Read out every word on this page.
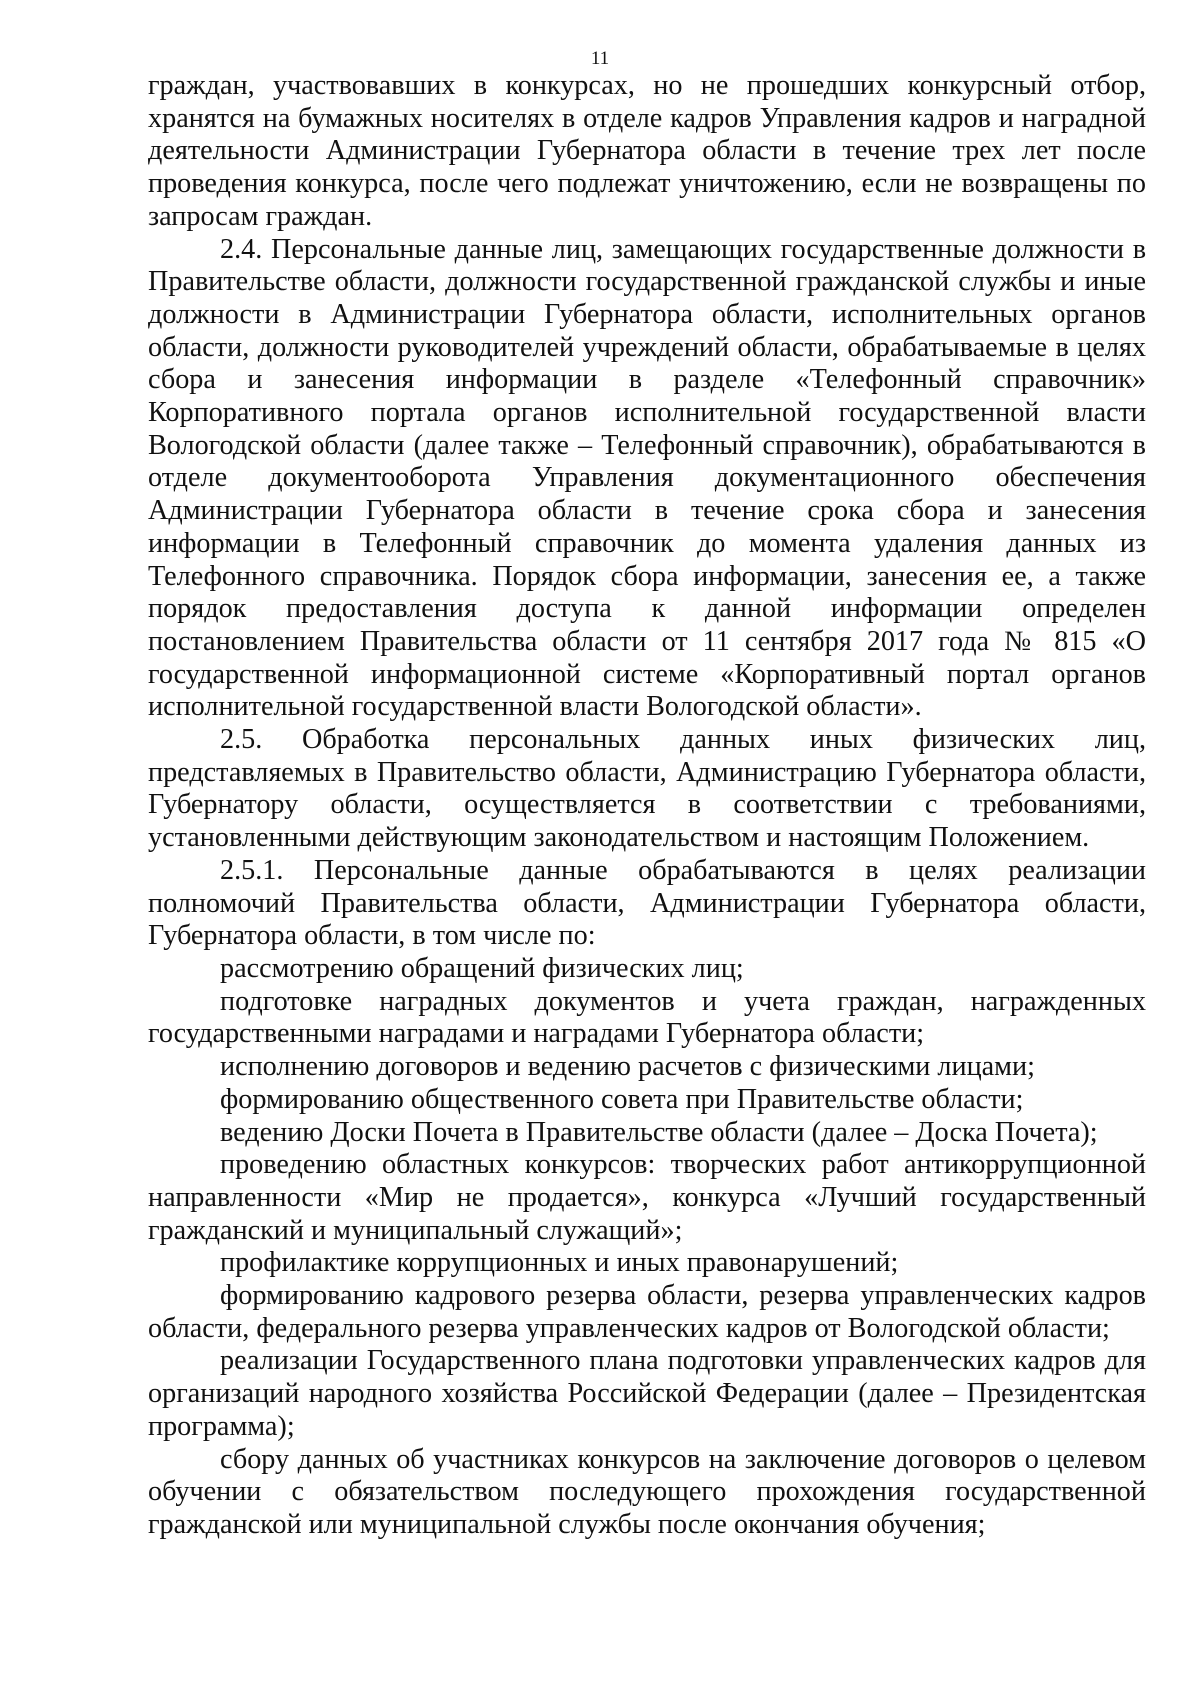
11

граждан, участвовавших в конкурсах, но не прошедших конкурсный отбор, хранятся на бумажных носителях в отделе кадров Управления кадров и наградной деятельности Администрации Губернатора области в течение трех лет после проведения конкурса, после чего подлежат уничтожению, если не возвращены по запросам граждан.

2.4. Персональные данные лиц, замещающих государственные должности в Правительстве области, должности государственной гражданской службы и иные должности в Администрации Губернатора области, исполнительных органов области, должности руководителей учреждений области, обрабатываемые в целях сбора и занесения информации в разделе «Телефонный справочник» Корпоративного портала органов исполнительной государственной власти Вологодской области (далее также – Телефонный справочник), обрабатываются в отделе документооборота Управления документационного обеспечения Администрации Губернатора области в течение срока сбора и занесения информации в Телефонный справочник до момента удаления данных из Телефонного справочника. Порядок сбора информации, занесения ее, а также порядок предоставления доступа к данной информации определен постановлением Правительства области от 11 сентября 2017 года № 815 «О государственной информационной системе «Корпоративный портал органов исполнительной государственной власти Вологодской области».

2.5. Обработка персональных данных иных физических лиц, представляемых в Правительство области, Администрацию Губернатора области, Губернатору области, осуществляется в соответствии с требованиями, установленными действующим законодательством и настоящим Положением.

2.5.1. Персональные данные обрабатываются в целях реализации полномочий Правительства области, Администрации Губернатора области, Губернатора области, в том числе по:

рассмотрению обращений физических лиц;

подготовке наградных документов и учета граждан, награжденных государственными наградами и наградами Губернатора области;

исполнению договоров и ведению расчетов с физическими лицами;

формированию общественного совета при Правительстве области;

ведению Доски Почета в Правительстве области (далее – Доска Почета);

проведению областных конкурсов: творческих работ антикоррупционной направленности «Мир не продается», конкурса «Лучший государственный гражданский и муниципальный служащий»;

профилактике коррупционных и иных правонарушений;

формированию кадрового резерва области, резерва управленческих кадров области, федерального резерва управленческих кадров от Вологодской области;

реализации Государственного плана подготовки управленческих кадров для организаций народного хозяйства Российской Федерации (далее – Президентская программа);

сбору данных об участниках конкурсов на заключение договоров о целевом обучении с обязательством последующего прохождения государственной гражданской или муниципальной службы после окончания обучения;
